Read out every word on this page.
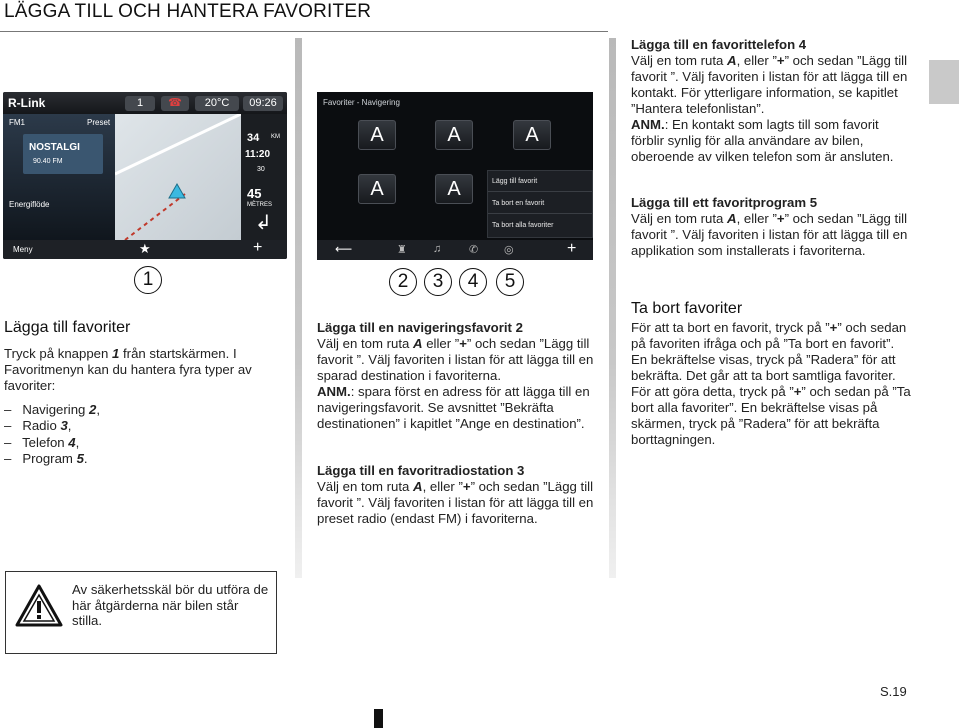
LÄGGA TILL OCH HANTERA FAVORITER
R-Link	1	☎	20°C	09:26
FM1	Preset
NOSTALGI
90.40 FM
Energiflöde
34 KM
11:20
30
45
MÈTRES
↲
Meny	★	+
1
Favoriter - Navigering
⟵	♜ ♫	✆ ◎	+
A	A	A
A	A	Lägg till favorit
Ta bort en favorit
Ta bort alla favoriter
2	3	4	5
Lägga till favoriter
Tryck på knappen 1 från startskärmen. I Favoritmenyn kan du hantera fyra typer av favoriter:
–   Navigering 2,
–   Radio 3,
–   Telefon 4,
–   Program 5.
Lägga till en navigeringsfavorit 2
Välj en tom ruta A eller ”+” och sedan ”Lägg till favorit ”. Välj favoriten i listan för att lägga till en sparad destination i favoriterna.
ANM.: spara först en adress för att lägga till en navigeringsfavorit. Se avsnittet ”Bekräfta destinationen” i kapitlet ”Ange en destination”.
Lägga till en favoritradiostation 3
Välj en tom ruta A, eller ”+” och sedan ”Lägg till favorit ”. Välj favoriten i listan för att lägga till en preset radio (endast FM) i favoriterna.
Lägga till en favorittelefon 4
Välj en tom ruta A, eller ”+” och sedan ”Lägg till favorit ”. Välj favoriten i listan för att lägga till en kontakt. För ytterligare information, se kapitlet ”Hantera telefonlistan”.
ANM.: En kontakt som lagts till som favorit förblir synlig för alla användare av bilen, oberoende av vilken telefon som är ansluten.
Lägga till ett favoritprogram 5
Välj en tom ruta A, eller ”+” och sedan ”Lägg till favorit ”. Välj favoriten i listan för att lägga till en applikation som installerats i favoriterna.
Ta bort favoriter
För att ta bort en favorit, tryck på ”+” och sedan på favoriten ifråga och på ”Ta bort en favorit”. En bekräftelse visas, tryck på ”Radera” för att bekräfta. Det går att ta bort samtliga favoriter. För att göra detta, tryck på ”+” och sedan på ”Ta bort alla favoriter”. En bekräftelse visas på skärmen, tryck på ”Radera” för att bekräfta borttagningen.
Av säkerhetsskäl bör du utföra de här åtgärderna när bilen står stilla.
S.19
